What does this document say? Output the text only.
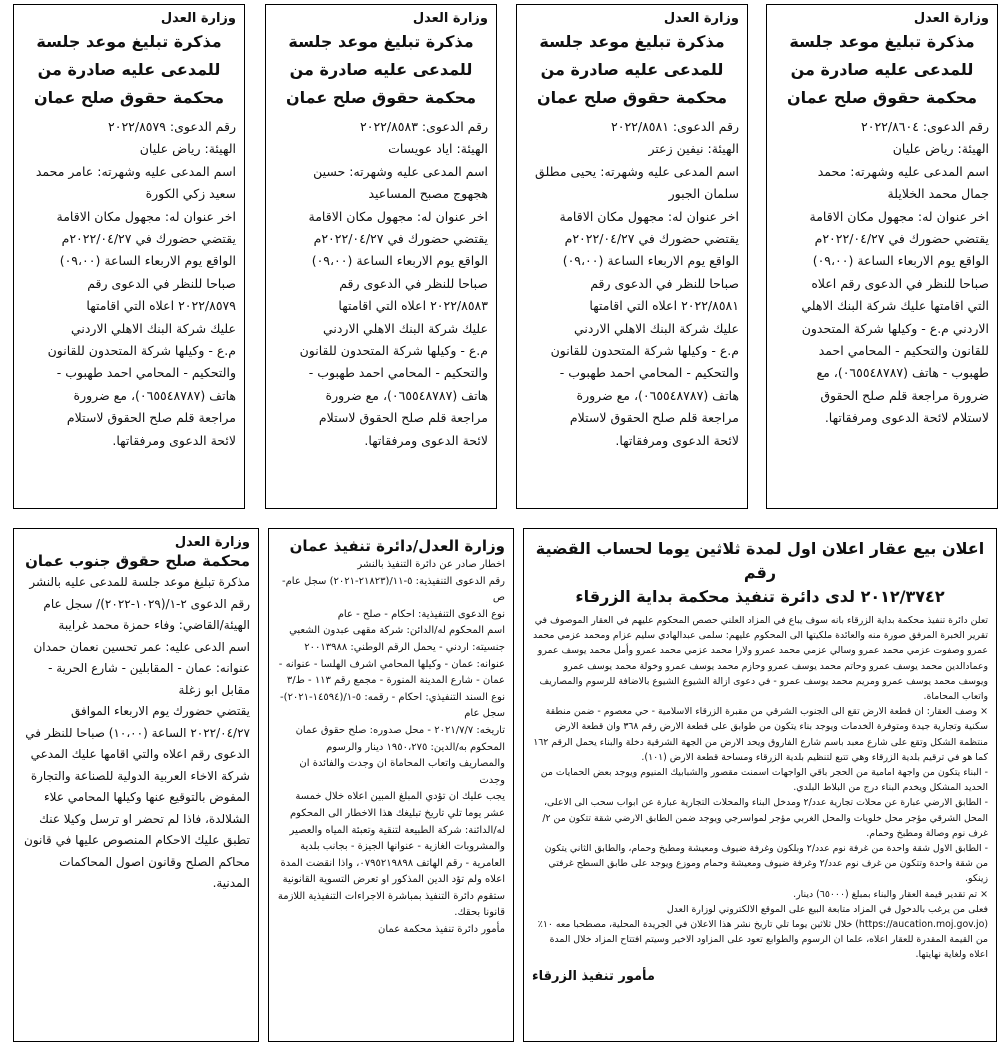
وزارة العدل
مذكرة تبليغ موعد جلسة
للمدعى عليه صادرة من
محكمة حقوق صلح عمان
رقم الدعوى: ٢٠٢٢/٨٦٠٤
الهيئة: رياض عليان
اسم المدعى عليه وشهرته: محمد
جمال محمد الخلايلة
اخر عنوان له: مجهول مكان الاقامة
يقتضي حضورك في ٢٠٢٢/٠٤/٢٧م
الواقع يوم الاربعاء الساعة (٠٩،٠٠)
صباحا للنظر في الدعوى رقم اعلاه
التي اقامتها عليك شركة البنك الاهلي
الاردني م.ع - وكيلها شركة المتحدون
للقانون والتحكيم - المحامي احمد
طهبوب - هاتف (٠٦٥٥٤٨٧٨٧)، مع
ضرورة مراجعة قلم صلح الحقوق
لاستلام لائحة الدعوى ومرفقاتها.
وزارة العدل
مذكرة تبليغ موعد جلسة
للمدعى عليه صادرة من
محكمة حقوق صلح عمان
رقم الدعوى: ٢٠٢٢/٨٥٨١
الهيئة: نيفين زعتر
اسم المدعى عليه وشهرته: يحيى مطلق
سلمان الجبور
اخر عنوان له: مجهول مكان الاقامة
يقتضي حضورك في ٢٠٢٢/٠٤/٢٧م
الواقع يوم الاربعاء الساعة (٠٩،٠٠)
صباحا للنظر في الدعوى رقم
٢٠٢٢/٨٥٨١ اعلاه التي اقامتها
عليك شركة البنك الاهلي الاردني
م.ع - وكيلها شركة المتحدون للقانون
والتحكيم - المحامي احمد طهبوب -
هاتف (٠٦٥٥٤٨٧٨٧)، مع ضرورة
مراجعة قلم صلح الحقوق لاستلام
لائحة الدعوى ومرفقاتها.
وزارة العدل
مذكرة تبليغ موعد جلسة
للمدعى عليه صادرة من
محكمة حقوق صلح عمان
رقم الدعوى: ٢٠٢٢/٨٥٨٣
الهيئة: اياد عويسات
اسم المدعى عليه وشهرته: حسين
هجهوج مصبح المساعيد
اخر عنوان له: مجهول مكان الاقامة
يقتضي حضورك في ٢٠٢٢/٠٤/٢٧م
الواقع يوم الاربعاء الساعة (٠٩،٠٠)
صباحا للنظر في الدعوى رقم
٢٠٢٢/٨٥٨٣ اعلاه التي اقامتها
عليك شركة البنك الاهلي الاردني
م.ع - وكيلها شركة المتحدون للقانون
والتحكيم - المحامي احمد طهبوب -
هاتف (٠٦٥٥٤٨٧٨٧)، مع ضرورة
مراجعة قلم صلح الحقوق لاستلام
لائحة الدعوى ومرفقاتها.
وزارة العدل
مذكرة تبليغ موعد جلسة
للمدعى عليه صادرة من
محكمة حقوق صلح عمان
رقم الدعوى: ٢٠٢٢/٨٥٧٩
الهيئة: رياض عليان
اسم المدعى عليه وشهرته: عامر محمد
سعيد زكي الكورة
اخر عنوان له: مجهول مكان الاقامة
يقتضي حضورك في ٢٠٢٢/٠٤/٢٧م
الواقع يوم الاربعاء الساعة (٠٩،٠٠)
صباحا للنظر في الدعوى رقم
٢٠٢٢/٨٥٧٩ اعلاه التي اقامتها
عليك شركة البنك الاهلي الاردني
م.ع - وكيلها شركة المتحدون للقانون
والتحكيم - المحامي احمد طهبوب -
هاتف (٠٦٥٥٤٨٧٨٧)، مع ضرورة
مراجعة قلم صلح الحقوق لاستلام
لائحة الدعوى ومرفقاتها.
اعلان بيع عقار اعلان اول لمدة ثلاثين يوما لحساب القضية رقم
٢٠١٢/٣٧٤٢ لدى دائرة تنفيذ محكمة بداية الزرقاء

تعلن دائرة تنفيذ محكمة بداية الزرقاء بانه سوف يباع في المزاد العلني حصص المحكوم عليهم في العقار الموصوف في تقرير الخبرة المرفق صورة منه والعائدة ملكيتها الى المحكوم عليهم: سلمى عبدالهادي سليم عزام ومحمد عزمي محمد عمرو وصفوت عزمي محمد عمرو وسالي عزمي محمد عمرو ولارا محمد عزمي محمد عمرو وأمل محمد يوسف عمرو وعمادالدين محمد يوسف عمرو وحاتم محمد يوسف عمرو وحازم محمد يوسف عمرو وخولة محمد يوسف عمرو ويوسف محمد يوسف عمرو ومريم محمد يوسف عمرو - في دعوى ازالة الشيوع الشيوع بالاضافة للرسوم والمصاريف واتعاب المحاماة.

× وصف العقار: ان قطعة الارض تقع الى الجنوب الشرقي من مقبرة الزرقاء الاسلامية - حي معصوم - ضمن منطقة سكنية وتجارية جيدة ومتوفرة الخدمات ويوجد بناء يتكون من طوابق على قطعة الارض رقم ٣٦٨ وان قطعة الارض منتظمة الشكل وتقع على شارع معبد باسم شارع الفاروق ويحد الارض من الجهة الشرقية دخلة والبناء يحمل الرقم ١٦٢ كما هو في ترقيم بلدية الزرقاء وهي تتبع لتنظيم بلدية الزرقاء ومساحة قطعة الارض (١٠١).

- البناء يتكون من واجهة امامية من الحجر باقي الواجهات اسمنت مقصور والشبابيك المنيوم ويوجد بعض الحمايات من الحديد المشكل ويخدم البناء درج من البلاط البلدي.

- الطابق الارضي عبارة عن محلات تجارية عدد/٢ ومدخل البناء والمحلات التجارية عبارة عن ابواب سحب الى الاعلى، المحل الشرقي مؤجر محل خلويات والمحل الغربي مؤجر لمواسرجي ويوجد ضمن الطابق الارضي شقة تتكون من ٢/غرف نوم وصالة ومطبخ وحمام.

- الطابق الاول شقة واحدة من غرفة نوم عدد/٢ وبلكون وغرفة ضيوف ومعيشة ومطبخ وحمام، والطابق الثاني يتكون من شقة واحدة وتتكون من غرف نوم عدد/٢ وغرفة ضيوف ومعيشة وحمام وموزع ويوجد على طابق السطح غرفتي زينكو.

× تم تقدير قيمة العقار والبناء بمبلغ (٦٥٠٠٠) دينار.

فعلى من يرغب بالدخول في المزاد متابعة البيع على الموقع الالكتروني لوزارة العدل (https://aucation.moj.gov.jo) خلال ثلاثين يوما تلي تاريخ نشر هذا الاعلان في الجريدة المحلية، مصطحبا معه ١٠٪ من القيمة المقدرة للعقار اعلاه، علما ان الرسوم والطوابع تعود على المزاود الاخير وسيتم افتتاح المزاد خلال المدة اعلاه ولغاية نهايتها.

مأمور تنفيذ الزرقاء
وزارة العدل/دائرة تنفيذ عمان

اخطار صادر عن دائرة التنفيذ بالنشر

رقم الدعوى التنفيذية: ٥-١١/(٢١٨٢٣-٢٠٢١) سجل عام-ص

نوع الدعوى التنفيذية: احكام - صلح - عام

اسم المحكوم له/الدائن: شركة مقهى عبدون الشعبي

جنسيته: اردني - يحمل الرقم الوطني: ٢٠٠١٣٩٨٨

عنوانه: عمان - وكيلها المحامي اشرف الهلسا - عنوانه - عمان - شارع المدينة المنورة - مجمع رقم ١١٣ - ط/٣

نوع السند التنفيذي: احكام - رقمه: ٥-١/(١٤٥٩٤-٢٠٢١)-سجل عام

تاريخه: ٢٠٢١/٧/٧ - محل صدوره: صلح حقوق عمان

المحكوم به/الدين: ١٩٥٠،٢٧٥ دينار والرسوم والمصاريف واتعاب المحاماة ان وجدت والفائدة ان وجدت

يجب عليك ان تؤدي المبلغ المبين اعلاه خلال خمسة عشر يوما تلي تاريخ تبليغك هذا الاخطار الى المحكوم له/الدائنة: شركة الطبيعة لتنقية وتعبئة المياه والعصير والمشروبات الغازية - عنوانها الجيزة - بجانب بلدية العامرية - رقم الهاتف ٠٧٩٥٢١٩٨٩٨، واذا انقضت المدة اعلاه ولم تؤد الدين المذكور او تعرض التسوية القانونية ستقوم دائرة التنفيذ بمباشرة الاجراءات التنفيذية اللازمة قانونا بحقك.

مأمور دائرة تنفيذ محكمة عمان

وزارة العدل
محكمة صلح حقوق جنوب عمان

مذكرة تبليغ موعد جلسة للمدعى عليه بالنشر

رقم الدعوى ٢-١/(١٠٢٩-٢٠٢٢)/ سجل عام

الهيئة/القاضي: وفاء حمزة محمد غرايبة

اسم الدعى عليه: عمر تحسين نعمان حمدان

عنوانه: عمان - المقابلين - شارع الحرية - مقابل ابو زغلة

يقتضي حضورك يوم الاربعاء الموافق ٢٠٢٢/٠٤/٢٧ الساعة (١٠،٠٠) صباحا للنظر في الدعوى رقم اعلاه والتي اقامها عليك المدعي شركة الاخاء العربية الدولية للصناعة والتجارة المفوض بالتوقيع عنها وكيلها المحامي علاء الشلالدة، فاذا لم تحضر او ترسل وكيلا عنك تطبق عليك الاحكام المنصوص عليها في قانون محاكم الصلح وقانون اصول المحاكمات المدنية.
